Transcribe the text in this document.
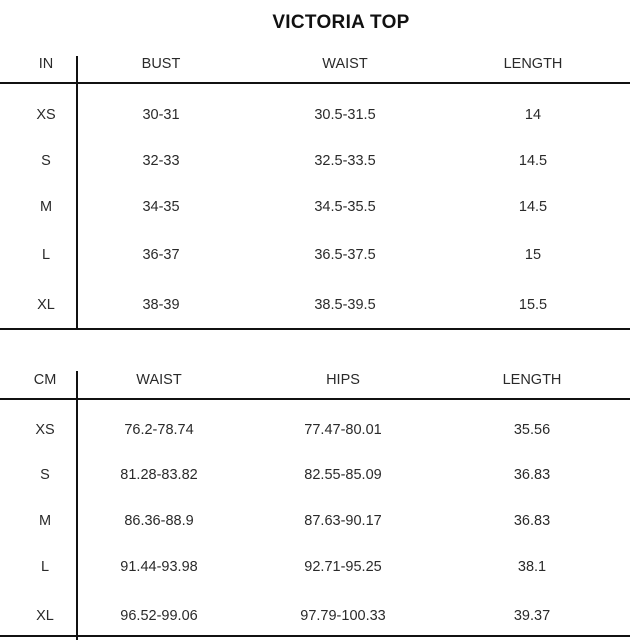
VICTORIA TOP
IN	BUST	WAIST	LENGTH
XS	30-31	30.5-31.5	14
S	32-33	32.5-33.5	14.5
M	34-35	34.5-35.5	14.5
L	36-37	36.5-37.5	15
XL	38-39	38.5-39.5	15.5
CM	WAIST	HIPS	LENGTH
XS	76.2-78.74	77.47-80.01	35.56
S	81.28-83.82	82.55-85.09	36.83
M	86.36-88.9	87.63-90.17	36.83
L	91.44-93.98	92.71-95.25	38.1
XL	96.52-99.06	97.79-100.33	39.37
